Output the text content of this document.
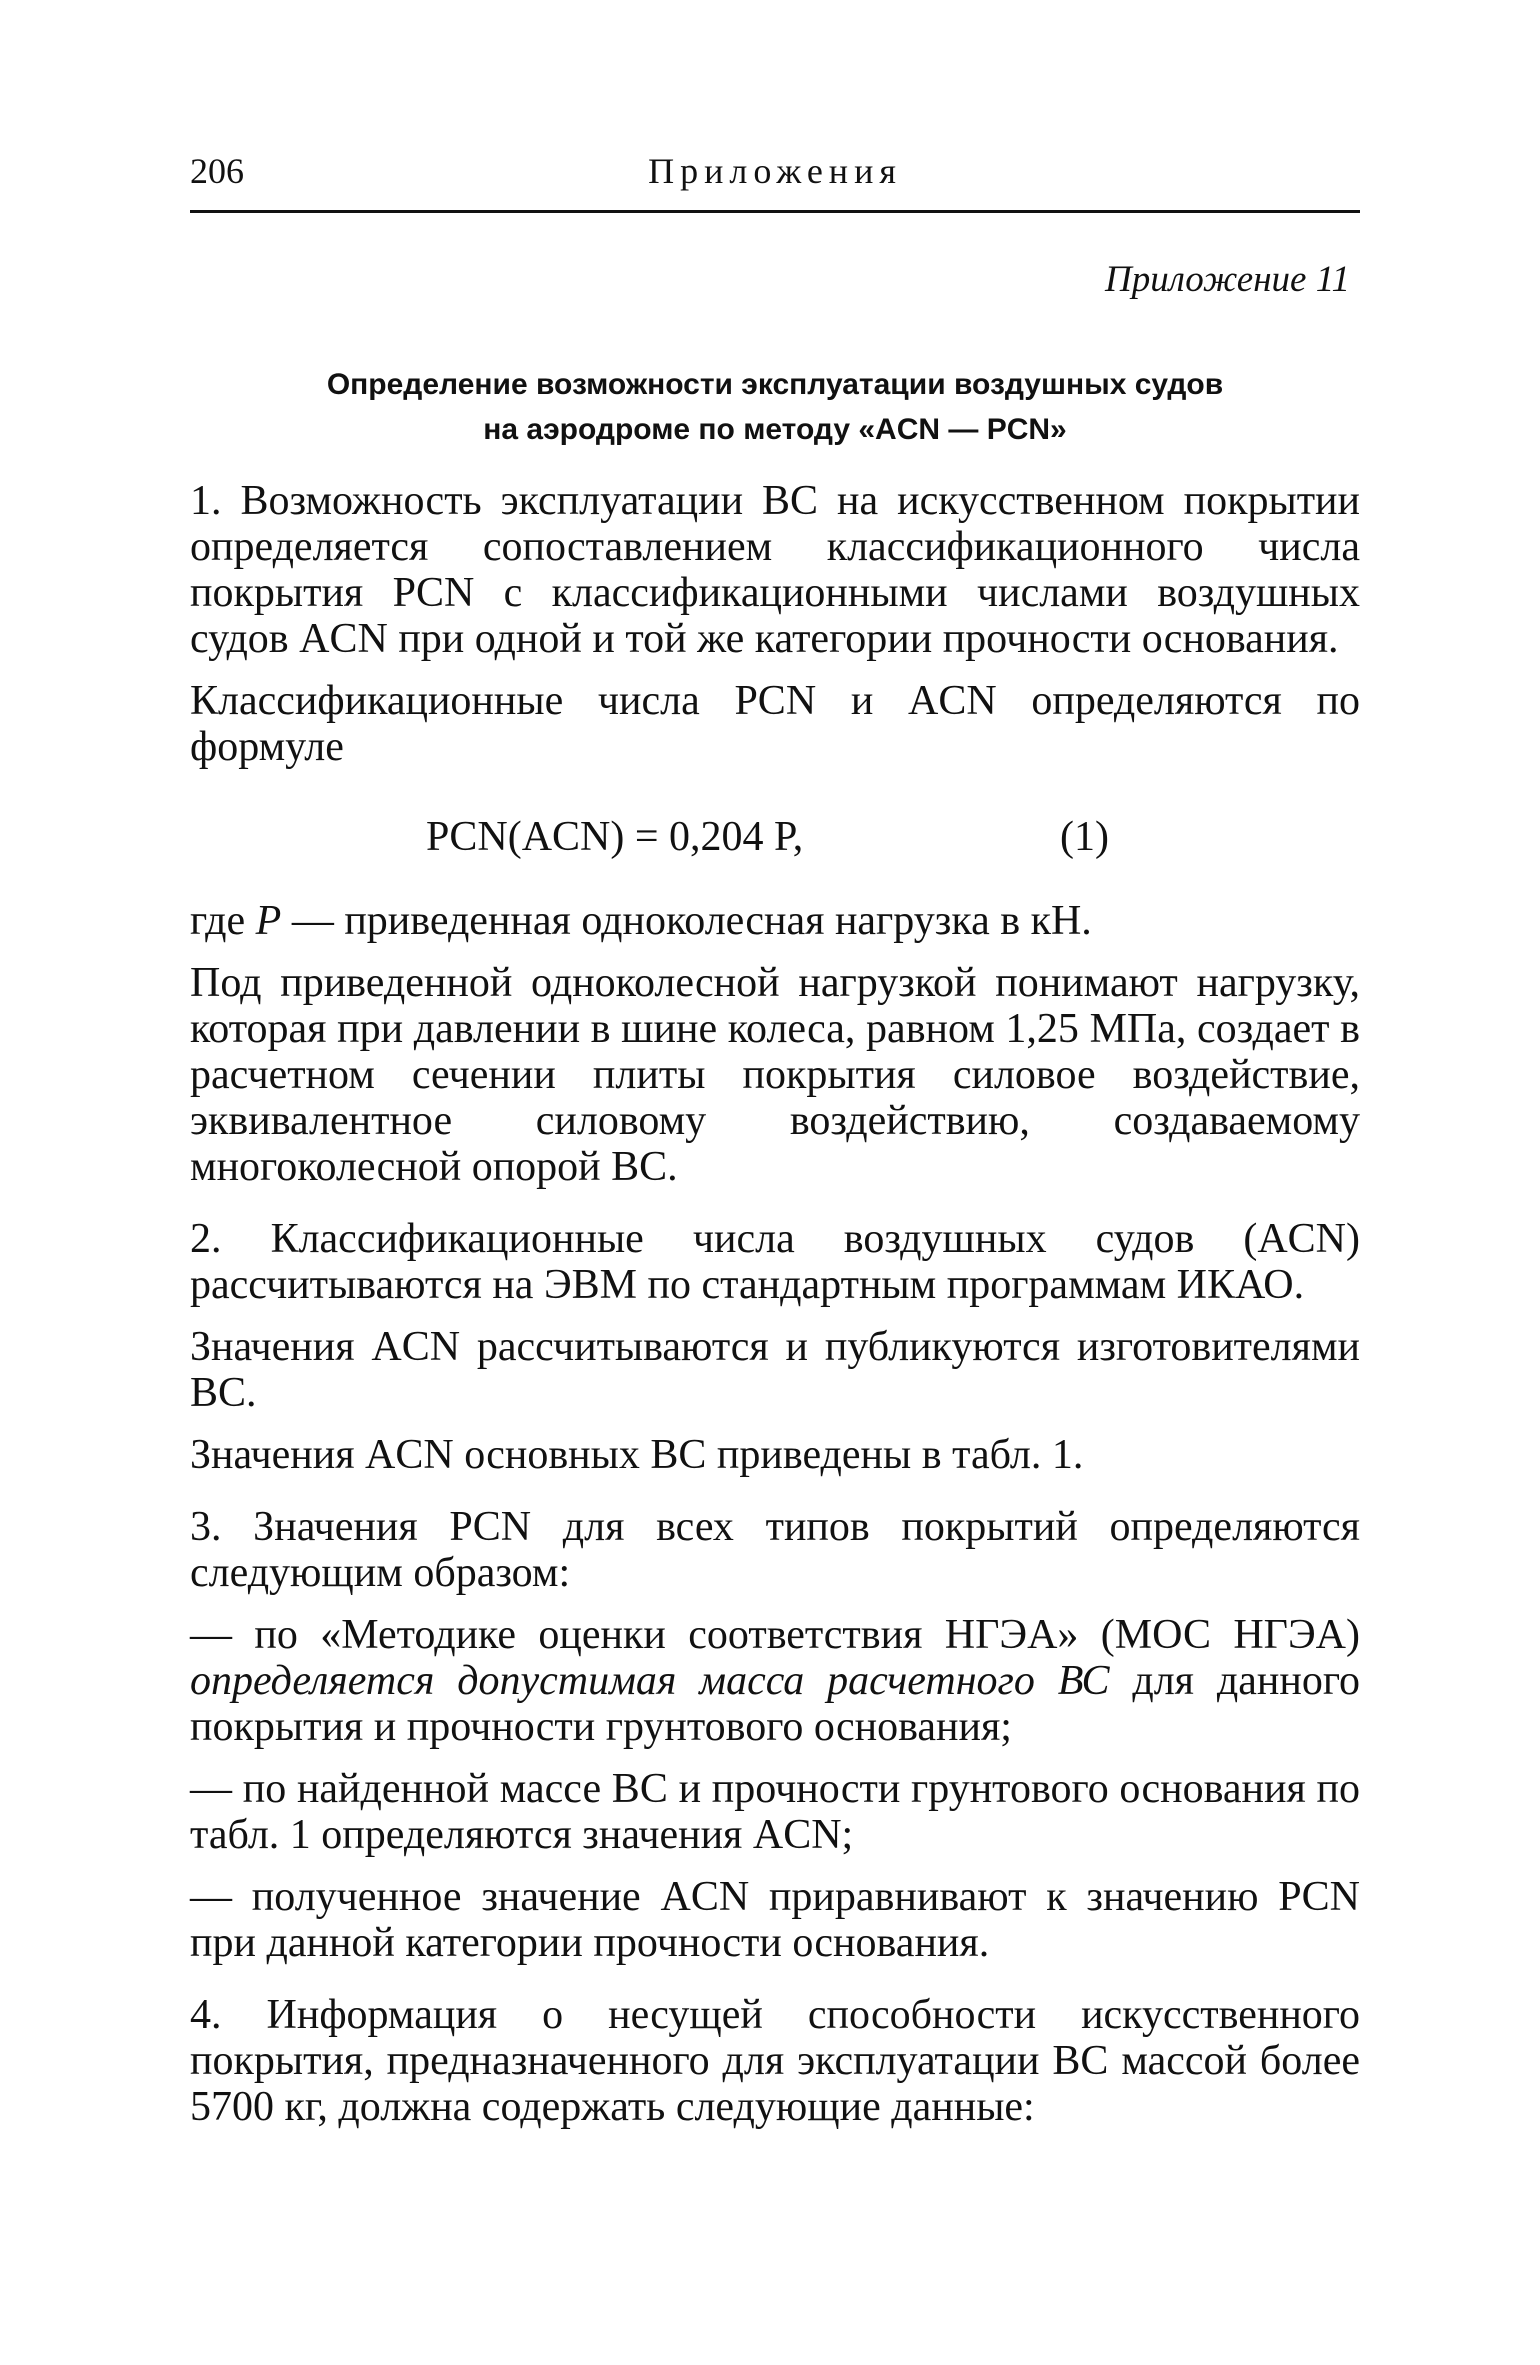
206	Приложения
Приложение 11
Определение возможности эксплуатации воздушных судов
на аэродроме по методу «ACN — PCN»

1. Возможность эксплуатации ВС на искусственном покрытии определяется сопоставлением классификационного числа покрытия PCN с классификационными числами воздушных судов ACN при одной и той же категории прочности основания.

Классификационные числа PCN и ACN определяются по формуле

PCN(ACN) = 0,204 P,	(1)

где P — приведенная одноколесная нагрузка в кН.

Под приведенной одноколесной нагрузкой понимают нагрузку, которая при давлении в шине колеса, равном 1,25 МПа, создает в расчетном сечении плиты покрытия силовое воздействие, эквивалентное силовому воздействию, создаваемому многоколесной опорой ВС.

2. Классификационные числа воздушных судов (ACN) рассчитываются на ЭВМ по стандартным программам ИКАО.

Значения ACN рассчитываются и публикуются изготовителями ВС.

Значения ACN основных ВС приведены в табл. 1.

3. Значения PCN для всех типов покрытий определяются следующим образом:

— по «Методике оценки соответствия НГЭА» (МОС НГЭА) определяется допустимая масса расчетного ВС для данного покрытия и прочности грунтового основания;

— по найденной массе ВС и прочности грунтового основания по табл. 1 определяются значения ACN;

— полученное значение ACN приравнивают к значению PCN при данной категории прочности основания.

4. Информация о несущей способности искусственного покрытия, предназначенного для эксплуатации ВС массой более 5700 кг, должна содержать следующие данные:
